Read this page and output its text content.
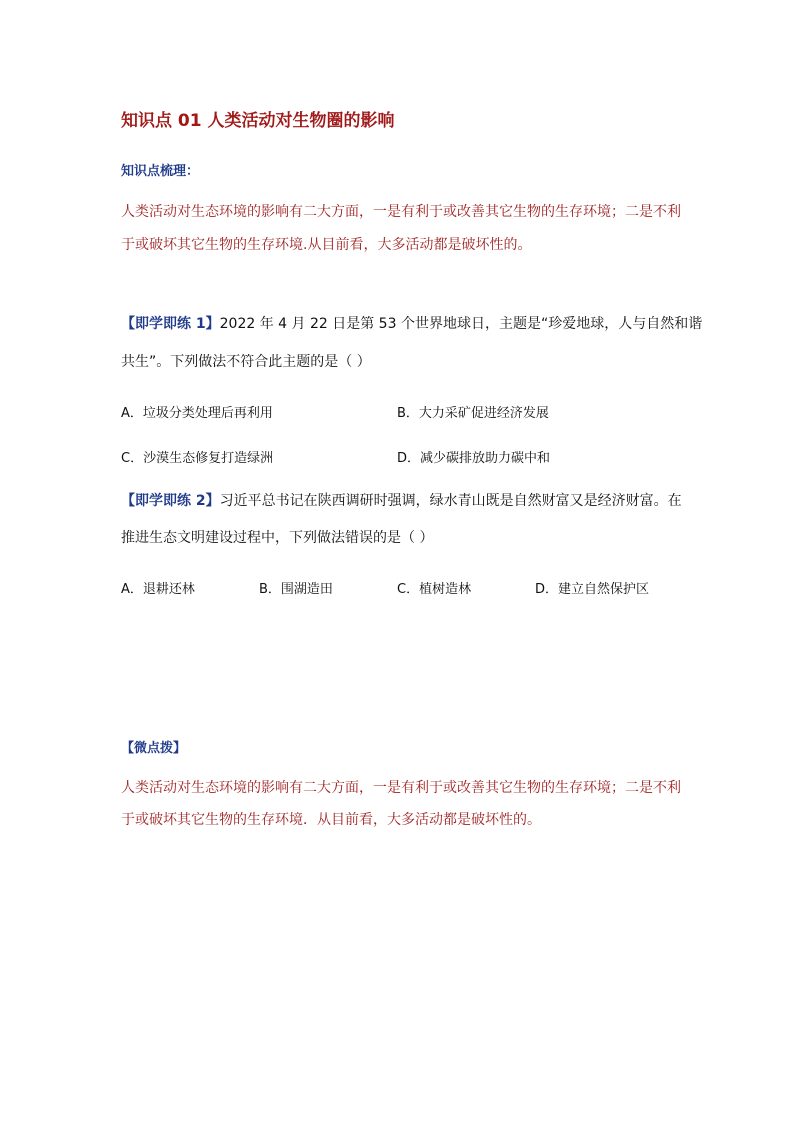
知识点 01 人类活动对生物圈的影响
知识点梳理：
人类活动对生态环境的影响有二大方面，一是有利于或改善其它生物的生存环境；二是不利
于或破坏其它生物的生存环境.从目前看，大多活动都是破坏性的。
【即学即练 1】2022 年 4 月 22 日是第 53 个世界地球日，主题是“珍爱地球，人与自然和谐
共生”。下列做法不符合此主题的是（ ）
A．垃圾分类处理后再利用	B．大力采矿促进经济发展
C．沙漠生态修复打造绿洲	D．减少碳排放助力碳中和
【即学即练 2】习近平总书记在陕西调研时强调，绿水青山既是自然财富又是经济财富。在
推进生态文明建设过程中，下列做法错误的是（ ）
A．退耕还林	B．围湖造田	C．植树造林	D．建立自然保护区
【微点拨】
人类活动对生态环境的影响有二大方面，一是有利于或改善其它生物的生存环境；二是不利
于或破坏其它生物的生存环境．从目前看，大多活动都是破坏性的。
